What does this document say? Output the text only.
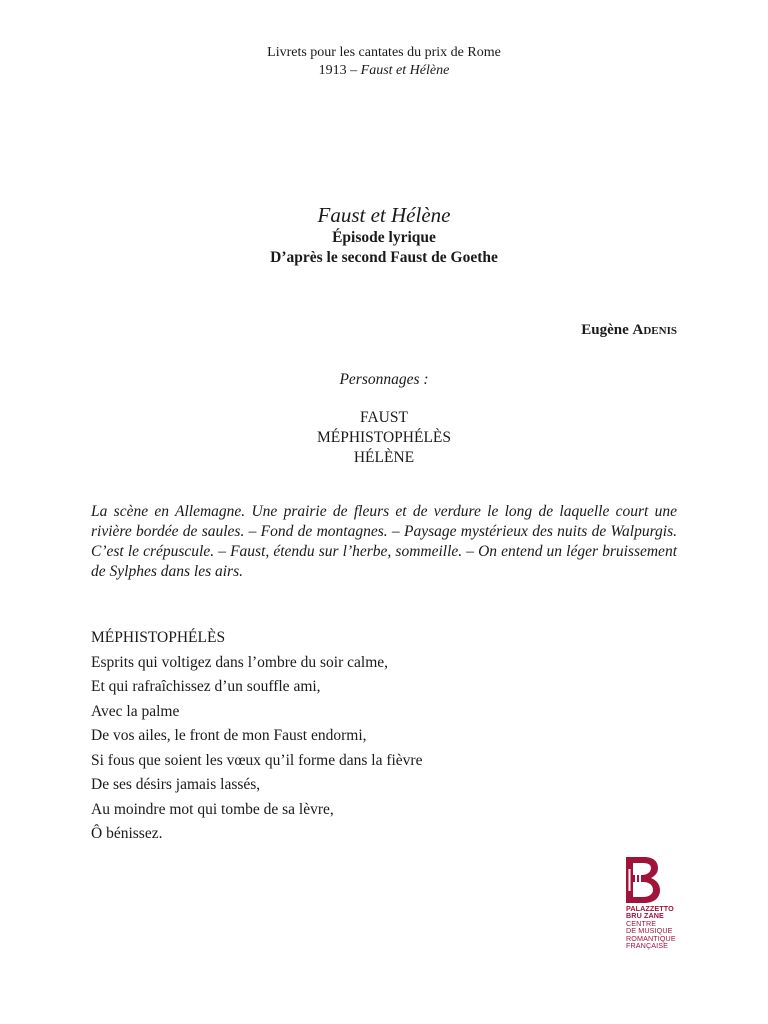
Livrets pour les cantates du prix de Rome
1913 – Faust et Hélène
Faust et Hélène
Épisode lyrique
D’après le second Faust de Goethe
Eugène Adenis
Personnages :
FAUST
MÉPHISTOPHÉLÈS
HÉLÈNE
La scène en Allemagne. Une prairie de fleurs et de verdure le long de laquelle court une rivière bordée de saules. – Fond de montagnes. – Paysage mystérieux des nuits de Walpurgis. C’est le crépuscule. – Faust, étendu sur l’herbe, sommeille. – On entend un léger bruissement de Sylphes dans les airs.
MÉPHISTOPHÉLÈS
Esprits qui voltigez dans l’ombre du soir calme,
Et qui rafraîchissez d’un souffle ami,
Avec la palme
De vos ailes, le front de mon Faust endormi,
Si fous que soient les vœux qu’il forme dans la fièvre
De ses désirs jamais lassés,
Au moindre mot qui tombe de sa lèvre,
Ô bénissez.
PALAZZETTO
BRU ZANE
CENTRE
DE MUSIQUE
ROMANTIQUE
FRANÇAISE
